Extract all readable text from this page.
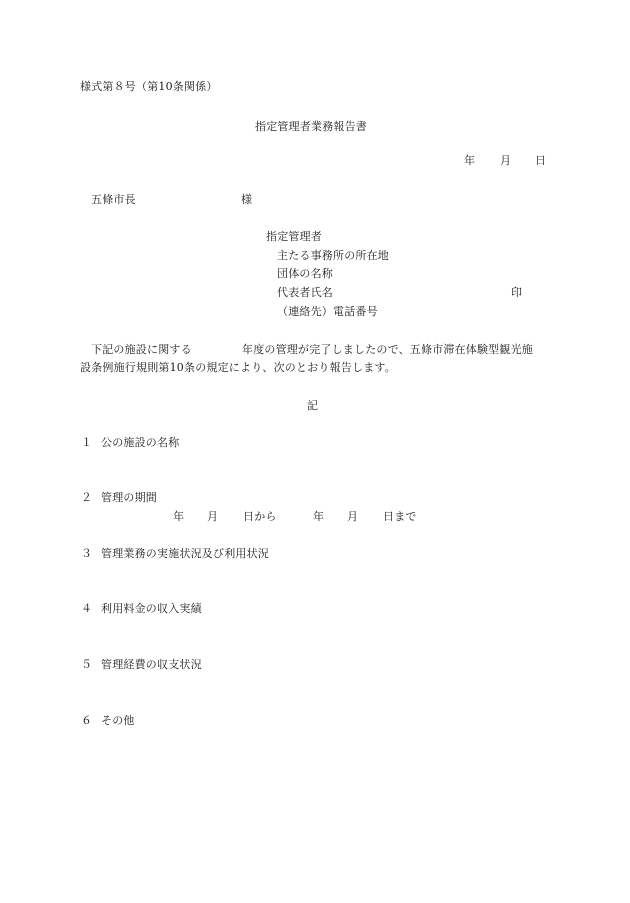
様式第８号（第10条関係）
指定管理者業務報告書
年 月 日
五條市長	様
指定管理者
主たる事務所の所在地
団体の名称
代表者氏名	印
（連絡先）電話番号
下記の施設に関する	年度の管理が完了しましたので、五條市滞在体験型観光施
設条例施行規則第10条の規定により、次のとおり報告します。
記
１ 公の施設の名称
２ 管理の期間
年 月 日から	年 月 日まで
３ 管理業務の実施状況及び利用状況
４ 利用料金の収入実績
５ 管理経費の収支状況
６ その他
